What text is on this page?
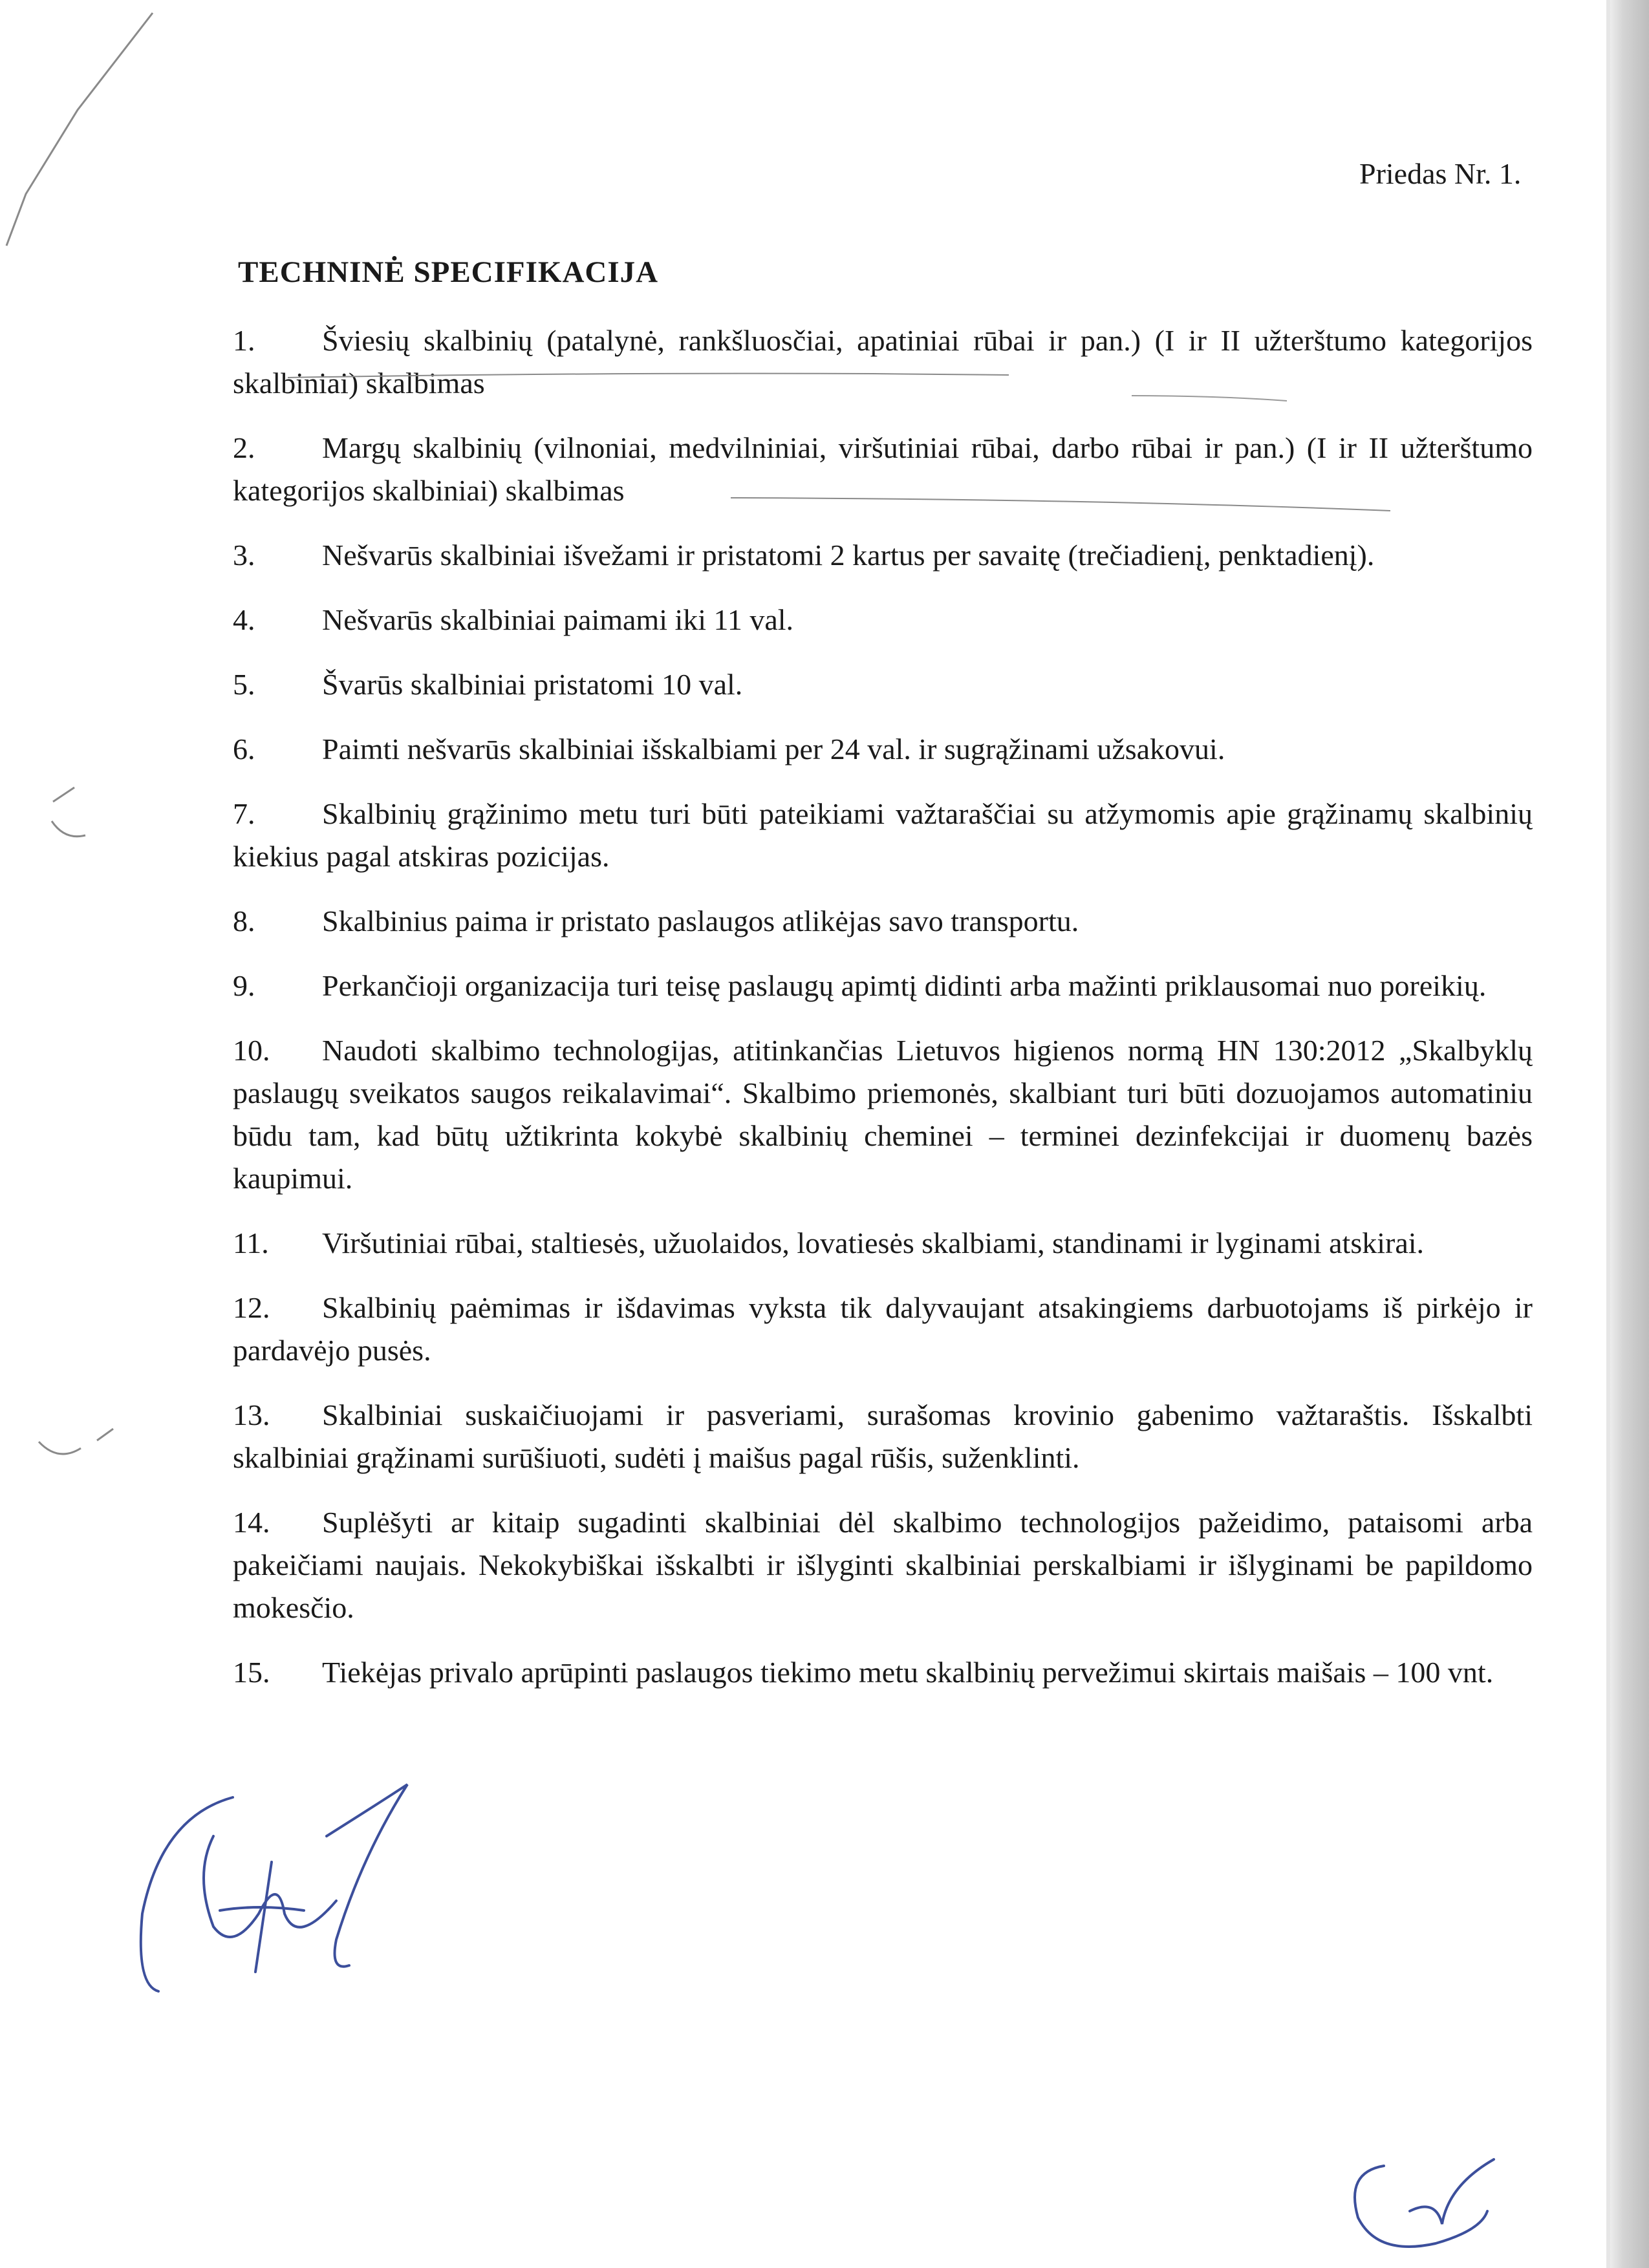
Priedas Nr. 1.
TECHNINĖ SPECIFIKACIJA

1. Šviesių skalbinių (patalynė, rankšluosčiai, apatiniai rūbai ir pan.) (I ir II užterštumo kategorijos skalbiniai) skalbimas

2. Margų skalbinių (vilnoniai, medvilniniai, viršutiniai rūbai, darbo rūbai ir pan.) (I ir II užterštumo kategorijos skalbiniai) skalbimas

3. Nešvarūs skalbiniai išvežami ir pristatomi 2 kartus per savaitę (trečiadienį, penktadienį).

4. Nešvarūs skalbiniai paimami iki 11 val.

5. Švarūs skalbiniai pristatomi 10 val.

6. Paimti nešvarūs skalbiniai išskalbiami per 24 val. ir sugrąžinami užsakovui.

7. Skalbinių grąžinimo metu turi būti pateikiami važtaraščiai su atžymomis apie grąžinamų skalbinių kiekius pagal atskiras pozicijas.

8. Skalbinius paima ir pristato paslaugos atlikėjas savo transportu.

9. Perkančioji organizacija turi teisę paslaugų apimtį didinti arba mažinti priklausomai nuo poreikių.

10. Naudoti skalbimo technologijas, atitinkančias Lietuvos higienos normą HN 130:2012 „Skalbyklų paslaugų sveikatos saugos reikalavimai“. Skalbimo priemonės, skalbiant turi būti dozuojamos automatiniu būdu tam, kad būtų užtikrinta kokybė skalbinių cheminei – terminei dezinfekcijai ir duomenų bazės kaupimui.

11. Viršutiniai rūbai, staltiesės, užuolaidos, lovatiesės skalbiami, standinami ir lyginami atskirai.

12. Skalbinių paėmimas ir išdavimas vyksta tik dalyvaujant atsakingiems darbuotojams iš pirkėjo ir pardavėjo pusės.

13. Skalbiniai suskaičiuojami ir pasveriami, surašomas krovinio gabenimo važtaraštis. Išskalbti skalbiniai grąžinami surūšiuoti, sudėti į maišus pagal rūšis, suženklinti.

14. Suplėšyti ar kitaip sugadinti skalbiniai dėl skalbimo technologijos pažeidimo, pataisomi arba pakeičiami naujais. Nekokybiškai išskalbti ir išlyginti skalbiniai perskalbiami ir išlyginami be papildomo mokesčio.

15. Tiekėjas privalo aprūpinti paslaugos tiekimo metu skalbinių pervežimui skirtais maišais – 100 vnt.
